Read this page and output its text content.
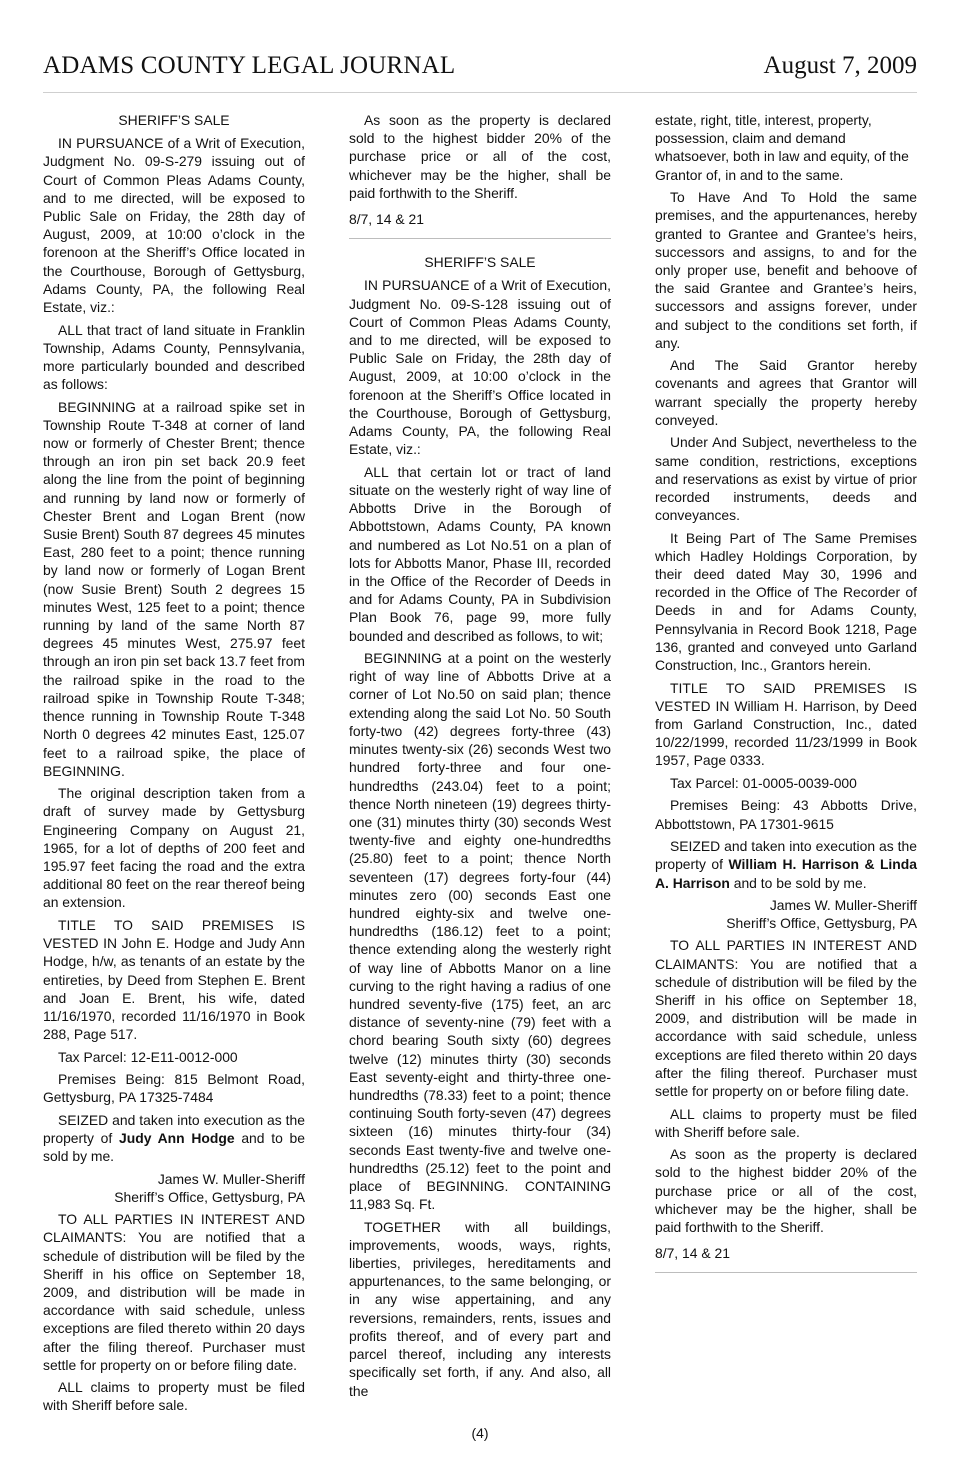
ADAMS COUNTY LEGAL JOURNAL	August 7, 2009
SHERIFF’S SALE

IN PURSUANCE of a Writ of Execution, Judgment No. 09-S-279 issuing out of Court of Common Pleas Adams County, and to me directed, will be exposed to Public Sale on Friday, the 28th day of August, 2009, at 10:00 o’clock in the forenoon at the Sheriff’s Office located in the Courthouse, Borough of Gettysburg, Adams County, PA, the following Real Estate, viz.:

ALL that tract of land situate in Franklin Township, Adams County, Pennsylvania, more particularly bounded and described as follows:

BEGINNING at a railroad spike set in Township Route T-348 at corner of land now or formerly of Chester Brent; thence through an iron pin set back 20.9 feet along the line from the point of beginning and running by land now or formerly of Chester Brent and Logan Brent (now Susie Brent) South 87 degrees 45 minutes East, 280 feet to a point; thence running by land now or formerly of Logan Brent (now Susie Brent) South 2 degrees 15 minutes West, 125 feet to a point; thence running by land of the same North 87 degrees 45 minutes West, 275.97 feet through an iron pin set back 13.7 feet from the railroad spike in the road to the railroad spike in Township Route T-348; thence running in Township Route T-348 North 0 degrees 42 minutes East, 125.07 feet to a railroad spike, the place of BEGINNING.

The original description taken from a draft of survey made by Gettysburg Engineering Company on August 21, 1965, for a lot of depths of 200 feet and 195.97 feet facing the road and the extra additional 80 feet on the rear thereof being an extension.

TITLE TO SAID PREMISES IS VESTED IN John E. Hodge and Judy Ann Hodge, h/w, as tenants of an estate by the entireties, by Deed from Stephen E. Brent and Joan E. Brent, his wife, dated 11/16/1970, recorded 11/16/1970 in Book 288, Page 517.

Tax Parcel: 12-E11-0012-000

Premises Being: 815 Belmont Road, Gettysburg, PA 17325-7484

SEIZED and taken into execution as the property of Judy Ann Hodge and to be sold by me.

James W. Muller-Sheriff
Sheriff’s Office, Gettysburg, PA

TO ALL PARTIES IN INTEREST AND CLAIMANTS: You are notified that a schedule of distribution will be filed by the Sheriff in his office on September 18, 2009, and distribution will be made in accordance with said schedule, unless exceptions are filed thereto within 20 days after the filing thereof. Purchaser must settle for property on or before filing date.

ALL claims to property must be filed with Sheriff before sale.

As soon as the property is declared sold to the highest bidder 20% of the purchase price or all of the cost, whichever may be the higher, shall be paid forthwith to the Sheriff.

8/7, 14 & 21
SHERIFF’S SALE

IN PURSUANCE of a Writ of Execution, Judgment No. 09-S-128 issuing out of Court of Common Pleas Adams County, and to me directed, will be exposed to Public Sale on Friday, the 28th day of August, 2009, at 10:00 o’clock in the forenoon at the Sheriff’s Office located in the Courthouse, Borough of Gettysburg, Adams County, PA, the following Real Estate, viz.:

ALL that certain lot or tract of land situate on the westerly right of way line of Abbotts Drive in the Borough of Abbottstown, Adams County, PA known and numbered as Lot No.51 on a plan of lots for Abbotts Manor, Phase III, recorded in the Office of the Recorder of Deeds in and for Adams County, PA in Subdivision Plan Book 76, page 99, more fully bounded and described as follows, to wit;

BEGINNING at a point on the westerly right of way line of Abbotts Drive at a corner of Lot No.50 on said plan; thence extending along the said Lot No. 50 South forty-two (42) degrees forty-three (43) minutes twenty-six (26) seconds West two hundred forty-three and four one-hundredths (243.04) feet to a point; thence North nineteen (19) degrees thirty-one (31) minutes thirty (30) seconds West twenty-five and eighty one-hundredths (25.80) feet to a point; thence North seventeen (17) degrees forty-four (44) minutes zero (00) seconds East one hundred eighty-six and twelve one-hundredths (186.12) feet to a point; thence extending along the westerly right of way line of Abbotts Manor on a line curving to the right having a radius of one hundred seventy-five (175) feet, an arc distance of seventy-nine (79) feet with a chord bearing South sixty (60) degrees twelve (12) minutes thirty (30) seconds East seventy-eight and thirty-three one-hundredths (78.33) feet to a point; thence continuing South forty-seven (47) degrees sixteen (16) minutes thirty-four (34) seconds East twenty-five and twelve one-hundredths (25.12) feet to the point and place of BEGINNING. CONTAINING 11,983 Sq. Ft.

TOGETHER with all buildings, improvements, woods, ways, rights, liberties, privileges, hereditaments and appurtenances, to the same belonging, or in any wise appertaining, and any reversions, remainders, rents, issues and profits thereof, and of every part and parcel thereof, including any interests specifically set forth, if any. And also, all the

estate, right, title, interest, property, possession, claim and demand whatsoever, both in law and equity, of the Grantor of, in and to the same.

To Have And To Hold the same premises, and the appurtenances, hereby granted to Grantee and Grantee’s heirs, successors and assigns, to and for the only proper use, benefit and behoove of the said Grantee and Grantee’s heirs, successors and assigns forever, under and subject to the conditions set forth, if any.

And The Said Grantor hereby covenants and agrees that Grantor will warrant specially the property hereby conveyed.

Under And Subject, nevertheless to the same condition, restrictions, exceptions and reservations as exist by virtue of prior recorded instruments, deeds and conveyances.

It Being Part of The Same Premises which Hadley Holdings Corporation, by their deed dated May 30, 1996 and recorded in the Office of The Recorder of Deeds in and for Adams County, Pennsylvania in Record Book 1218, Page 136, granted and conveyed unto Garland Construction, Inc., Grantors herein.

TITLE TO SAID PREMISES IS VESTED IN William H. Harrison, by Deed from Garland Construction, Inc., dated 10/22/1999, recorded 11/23/1999 in Book 1957, Page 0333.

Tax Parcel: 01-0005-0039-000

Premises Being: 43 Abbotts Drive, Abbottstown, PA 17301-9615

SEIZED and taken into execution as the property of William H. Harrison & Linda A. Harrison and to be sold by me.

James W. Muller-Sheriff
Sheriff’s Office, Gettysburg, PA

TO ALL PARTIES IN INTEREST AND CLAIMANTS: You are notified that a schedule of distribution will be filed by the Sheriff in his office on September 18, 2009, and distribution will be made in accordance with said schedule, unless exceptions are filed thereto within 20 days after the filing thereof. Purchaser must settle for property on or before filing date.

ALL claims to property must be filed with Sheriff before sale.

As soon as the property is declared sold to the highest bidder 20% of the purchase price or all of the cost, whichever may be the higher, shall be paid forthwith to the Sheriff.

8/7, 14 & 21
(4)
